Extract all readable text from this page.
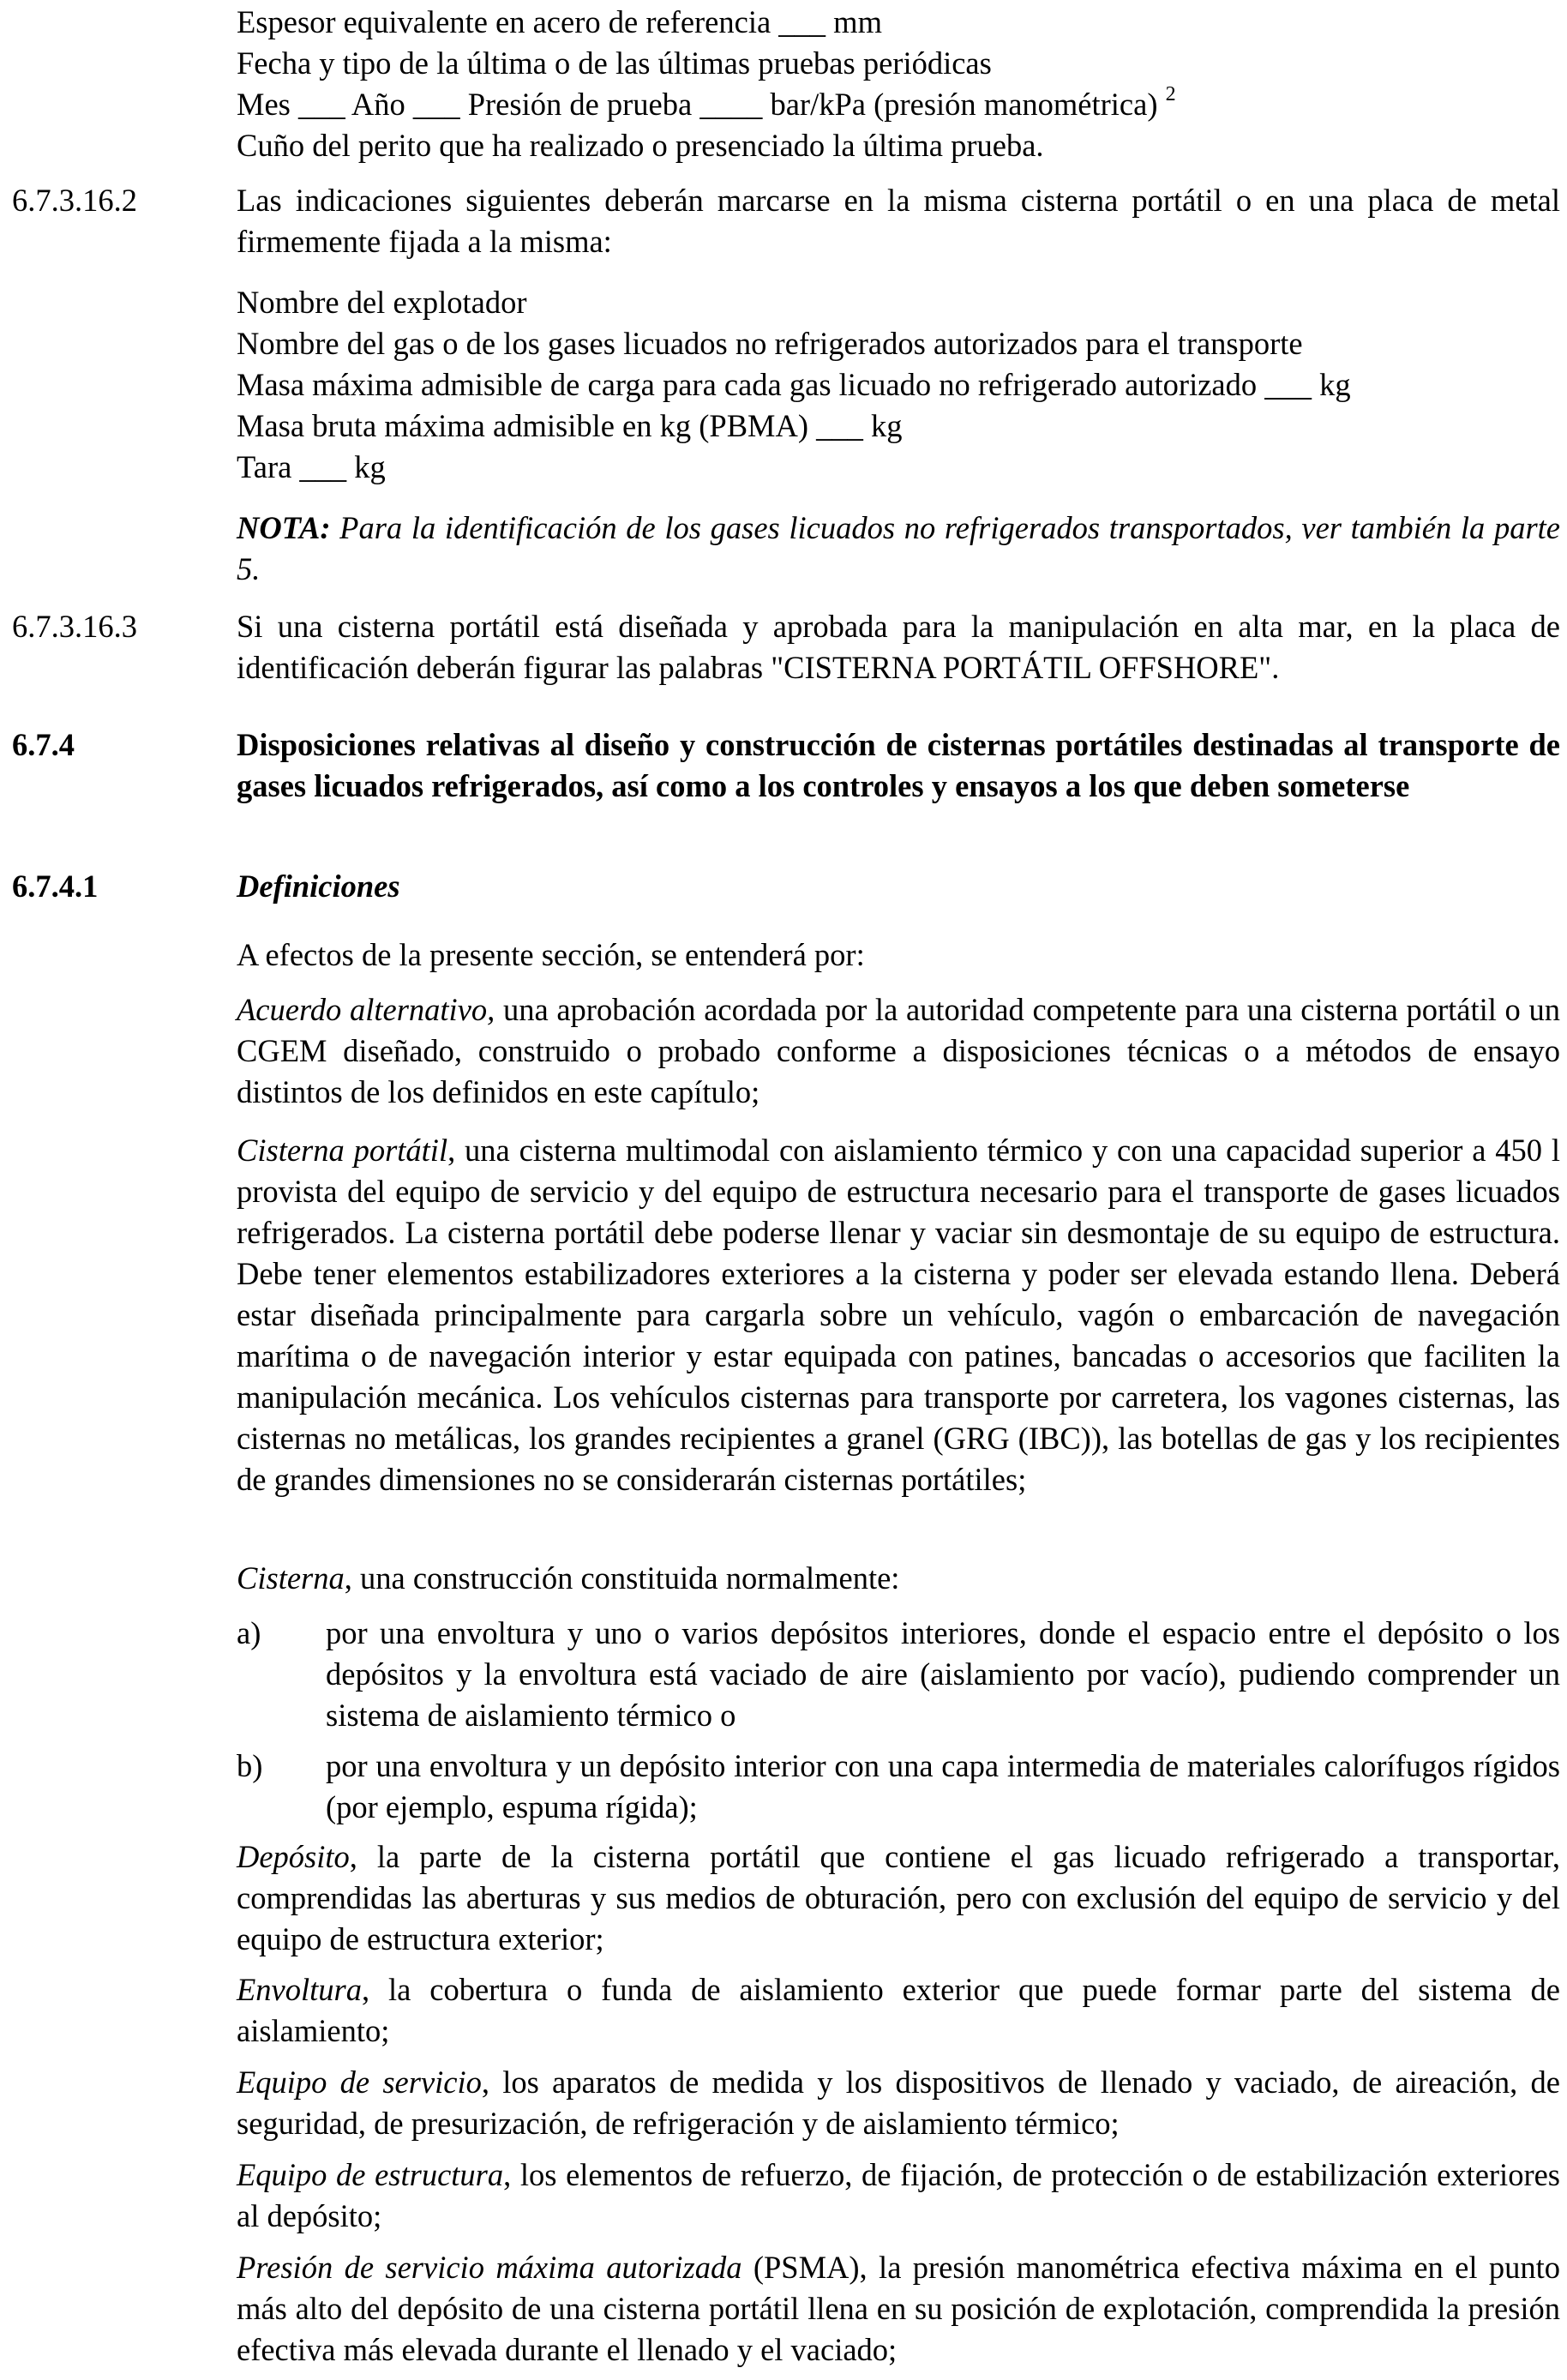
Espesor equivalente en acero de referencia ___ mm
Fecha y tipo de la última o de las últimas pruebas periódicas
Mes ___ Año ___ Presión de prueba ____ bar/kPa (presión manométrica) $^2$
Cuño del perito que ha realizado o presenciado la última prueba.
6.7.3.16.2	Las indicaciones siguientes deberán marcarse en la misma cisterna portátil o en una placa de metal firmemente fijada a la misma:
Nombre del explotador
Nombre del gas o de los gases licuados no refrigerados autorizados para el transporte
Masa máxima admisible de carga para cada gas licuado no refrigerado autorizado ___ kg
Masa bruta máxima admisible en kg (PBMA) ___ kg
Tara ___ kg
NOTA: Para la identificación de los gases licuados no refrigerados transportados, ver también la parte 5.
6.7.3.16.3	Si una cisterna portátil está diseñada y aprobada para la manipulación en alta mar, en la placa de identificación deberán figurar las palabras "CISTERNA PORTÁTIL OFFSHORE".
6.7.4	Disposiciones relativas al diseño y construcción de cisternas portátiles destinadas al transporte de gases licuados refrigerados, así como a los controles y ensayos a los que deben someterse
6.7.4.1	Definiciones
A efectos de la presente sección, se entenderá por:
Acuerdo alternativo, una aprobación acordada por la autoridad competente para una cisterna portátil o un CGEM diseñado, construido o probado conforme a disposiciones técnicas o a métodos de ensayo distintos de los definidos en este capítulo;
Cisterna portátil, una cisterna multimodal con aislamiento térmico y con una capacidad superior a 450 l provista del equipo de servicio y del equipo de estructura necesario para el transporte de gases licuados refrigerados. La cisterna portátil debe poderse llenar y vaciar sin desmontaje de su equipo de estructura. Debe tener elementos estabilizadores exteriores a la cisterna y poder ser elevada estando llena. Deberá estar diseñada principalmente para cargarla sobre un vehículo, vagón o embarcación de navegación marítima o de navegación interior y estar equipada con patines, bancadas o accesorios que faciliten la manipulación mecánica. Los vehículos cisternas para transporte por carretera, los vagones cisternas, las cisternas no metálicas, los grandes recipientes a granel (GRG (IBC)), las botellas de gas y los recipientes de grandes dimensiones no se considerarán cisternas portátiles;
Cisterna, una construcción constituida normalmente:
a) por una envoltura y uno o varios depósitos interiores, donde el espacio entre el depósito o los depósitos y la envoltura está vaciado de aire (aislamiento por vacío), pudiendo comprender un sistema de aislamiento térmico o
b) por una envoltura y un depósito interior con una capa intermedia de materiales calorífugos rígidos (por ejemplo, espuma rígida);
Depósito, la parte de la cisterna portátil que contiene el gas licuado refrigerado a transportar, comprendidas las aberturas y sus medios de obturación, pero con exclusión del equipo de servicio y del equipo de estructura exterior;
Envoltura, la cobertura o funda de aislamiento exterior que puede formar parte del sistema de aislamiento;
Equipo de servicio, los aparatos de medida y los dispositivos de llenado y vaciado, de aireación, de seguridad, de presurización, de refrigeración y de aislamiento térmico;
Equipo de estructura, los elementos de refuerzo, de fijación, de protección o de estabilización exteriores al depósito;
Presión de servicio máxima autorizada (PSMA), la presión manométrica efectiva máxima en el punto más alto del depósito de una cisterna portátil llena en su posición de explotación, comprendida la presión efectiva más elevada durante el llenado y el vaciado;
